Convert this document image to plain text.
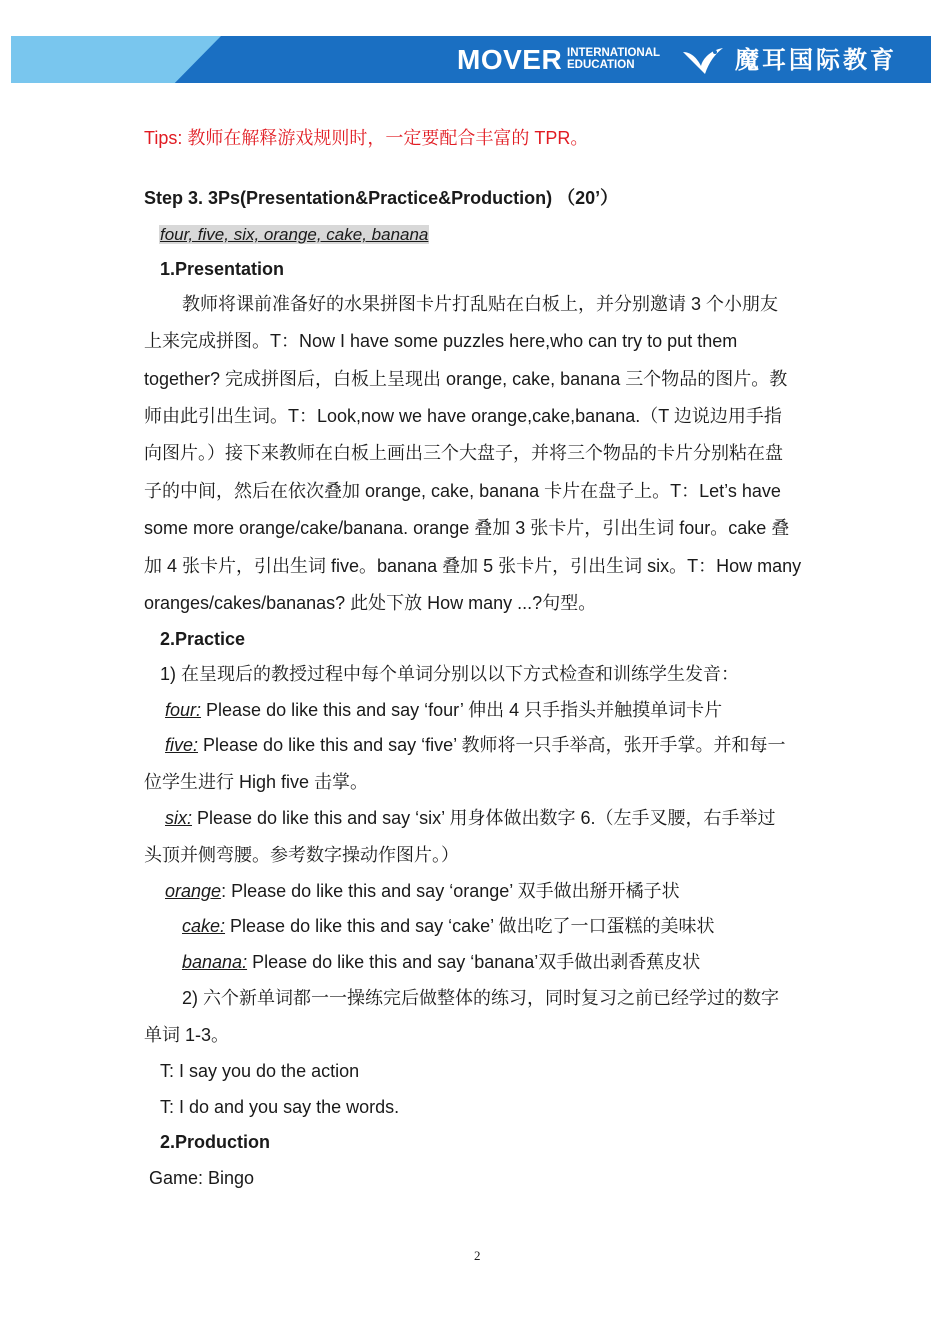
MOVER INTERNATIONAL
EDUCATION	魔耳国际教育
Tips: 教师在解释游戏规则时，一定要配合丰富的 TPR。
Step 3. 3Ps(Presentation&Practice&Production) （20’）
four, five, six, orange, cake, banana
1.Presentation
教师将课前准备好的水果拼图卡片打乱贴在白板上，并分别邀请 3 个小朋友
上来完成拼图。T：Now I have some puzzles here,who can try to put them
together? 完成拼图后，白板上呈现出 orange, cake, banana 三个物品的图片。教
师由此引出生词。T：Look,now we have orange,cake,banana.（T 边说边用手指
向图片。）接下来教师在白板上画出三个大盘子，并将三个物品的卡片分别粘在盘
子的中间，然后在依次叠加 orange, cake, banana 卡片在盘子上。T：Let’s have
some more orange/cake/banana. orange 叠加 3 张卡片，引出生词 four。cake 叠
加 4 张卡片，引出生词 five。banana 叠加 5 张卡片，引出生词 six。T：How many
oranges/cakes/bananas? 此处下放 How many ...?句型。
2.Practice
1) 在呈现后的教授过程中每个单词分别以以下方式检查和训练学生发音：
four: Please do like this and say ‘four’ 伸出 4 只手指头并触摸单词卡片
five: Please do like this and say ‘five’ 教师将一只手举高，张开手掌。并和每一
位学生进行 High five 击掌。
six: Please do like this and say ‘six’ 用身体做出数字 6.（左手叉腰，右手举过
头顶并侧弯腰。参考数字操动作图片。）
orange: Please do like this and say ‘orange’ 双手做出掰开橘子状
cake: Please do like this and say ‘cake’ 做出吃了一口蛋糕的美味状
banana: Please do like this and say ‘banana’双手做出剥香蕉皮状
2) 六个新单词都一一操练完后做整体的练习，同时复习之前已经学过的数字
单词 1-3。
T: I say you do the action
T: I do and you say the words.
2.Production
Game: Bingo
2
